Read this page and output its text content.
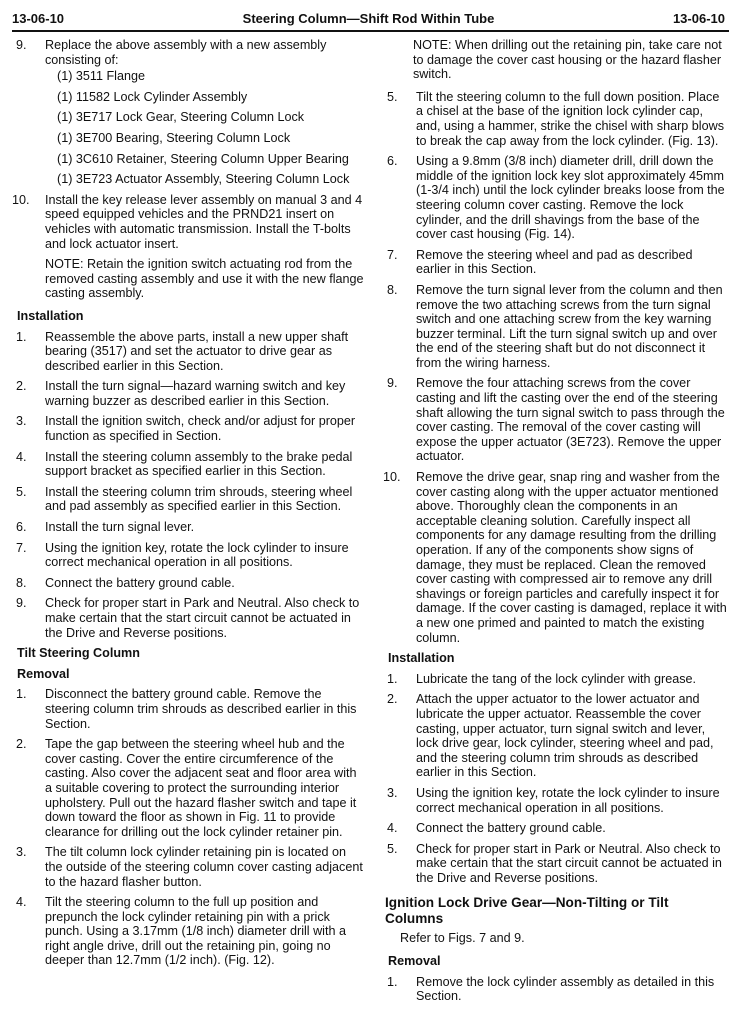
13-06-10	Steering Column—Shift Rod Within Tube	13-06-10
9. Replace the above assembly with a new assembly consisting of:
(1) 3511 Flange
(1) 11582 Lock Cylinder Assembly
(1) 3E717 Lock Gear, Steering Column Lock
(1) 3E700 Bearing, Steering Column Lock
(1) 3C610 Retainer, Steering Column Upper Bearing
(1) 3E723 Actuator Assembly, Steering Column Lock
10. Install the key release lever assembly on manual 3 and 4 speed equipped vehicles and the PRND21 insert on vehicles with automatic transmission. Install the T-bolts and lock actuator insert.
NOTE: Retain the ignition switch actuating rod from the removed casting assembly and use it with the new flange casting assembly.
Installation
1. Reassemble the above parts, install a new upper shaft bearing (3517) and set the actuator to drive gear as described earlier in this Section.
2. Install the turn signal—hazard warning switch and key warning buzzer as described earlier in this Section.
3. Install the ignition switch, check and/or adjust for proper function as specified in Section.
4. Install the steering column assembly to the brake pedal support bracket as specified earlier in this Section.
5. Install the steering column trim shrouds, steering wheel and pad assembly as specified earlier in this Section.
6. Install the turn signal lever.
7. Using the ignition key, rotate the lock cylinder to insure correct mechanical operation in all positions.
8. Connect the battery ground cable.
9. Check for proper start in Park and Neutral. Also check to make certain that the start circuit cannot be actuated in the Drive and Reverse positions.
Tilt Steering Column
Removal
1. Disconnect the battery ground cable. Remove the steering column trim shrouds as described earlier in this Section.
2. Tape the gap between the steering wheel hub and the cover casting. Cover the entire circumference of the casting. Also cover the adjacent seat and floor area with a suitable covering to protect the surrounding interior upholstery. Pull out the hazard flasher switch and tape it down toward the floor as shown in Fig. 11 to provide clearance for drilling out the lock cylinder retainer pin.
3. The tilt column lock cylinder retaining pin is located on the outside of the steering column cover casting adjacent to the hazard flasher button.
4. Tilt the steering column to the full up position and prepunch the lock cylinder retaining pin with a prick punch. Using a 3.17mm (1/8 inch) diameter drill with a right angle drive, drill out the retaining pin, going no deeper than 12.7mm (1/2 inch). (Fig. 12).
NOTE: When drilling out the retaining pin, take care not to damage the cover cast housing or the hazard flasher switch.
5. Tilt the steering column to the full down position. Place a chisel at the base of the ignition lock cylinder cap, and, using a hammer, strike the chisel with sharp blows to break the cap away from the lock cylinder. (Fig. 13).
6. Using a 9.8mm (3/8 inch) diameter drill, drill down the middle of the ignition lock key slot approximately 45mm (1-3/4 inch) until the lock cylinder breaks loose from the steering column cover casting. Remove the lock cylinder, and the drill shavings from the base of the cover cast housing (Fig. 14).
7. Remove the steering wheel and pad as described earlier in this Section.
8. Remove the turn signal lever from the column and then remove the two attaching screws from the turn signal switch and one attaching screw from the key warning buzzer terminal. Lift the turn signal switch up and over the end of the steering shaft but do not disconnect it from the wiring harness.
9. Remove the four attaching screws from the cover casting and lift the casting over the end of the steering shaft allowing the turn signal switch to pass through the cover casting. The removal of the cover casting will expose the upper actuator (3E723). Remove the upper actuator.
10. Remove the drive gear, snap ring and washer from the cover casting along with the upper actuator mentioned above. Thoroughly clean the components in an acceptable cleaning solution. Carefully inspect all components for any damage resulting from the drilling operation. If any of the components show signs of damage, they must be replaced. Clean the removed cover casting with compressed air to remove any drill shavings or foreign particles and carefully inspect it for damage. If the cover casting is damaged, replace it with a new one primed and painted to match the existing column.
Installation
1. Lubricate the tang of the lock cylinder with grease.
2. Attach the upper actuator to the lower actuator and lubricate the upper actuator. Reassemble the cover casting, upper actuator, turn signal switch and lever, lock drive gear, lock cylinder, steering wheel and pad, and the steering column trim shrouds as described earlier in this Section.
3. Using the ignition key, rotate the lock cylinder to insure correct mechanical operation in all positions.
4. Connect the battery ground cable.
5. Check for proper start in Park or Neutral. Also check to make certain that the start circuit cannot be actuated in the Drive and Reverse positions.
Ignition Lock Drive Gear—Non-Tilting or Tilt Columns
Refer to Figs. 7 and 9.
Removal
1. Remove the lock cylinder assembly as detailed in this Section.
